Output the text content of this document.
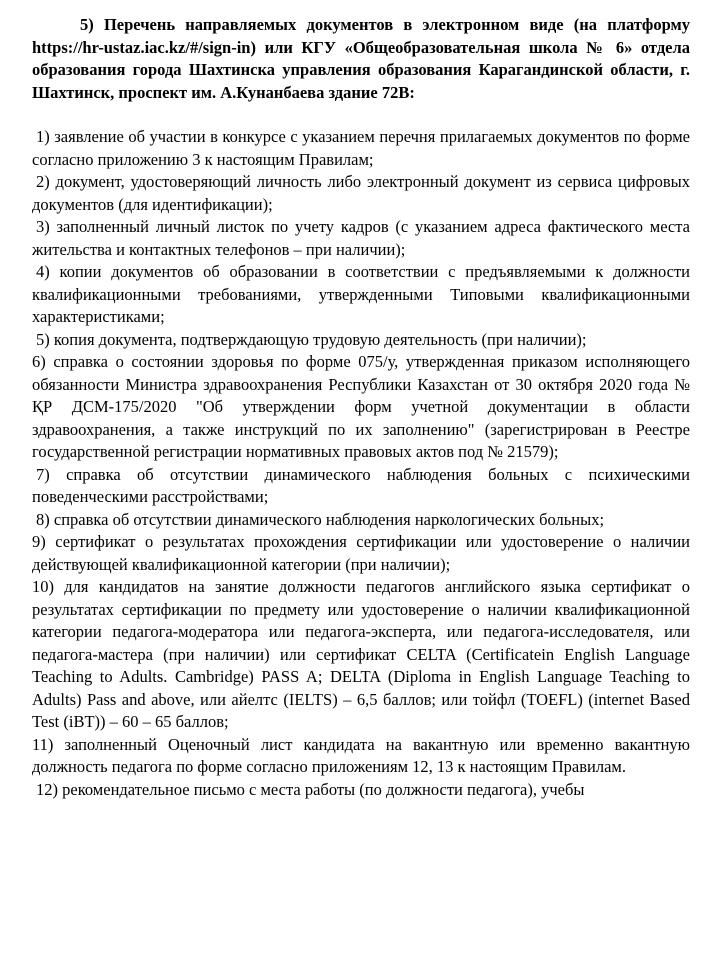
5) Перечень направляемых документов в электронном виде (на платформу https://hr-ustaz.iac.kz/#/sign-in) или КГУ «Общеобразовательная школа № 6» отдела образования города Шахтинска управления образования Карагандинской области, г. Шахтинск, проспект им. А.Кунанбаева здание 72В:

1) заявление об участии в конкурсе с указанием перечня прилагаемых документов по форме согласно приложению 3 к настоящим Правилам;

2) документ, удостоверяющий личность либо электронный документ из сервиса цифровых документов (для идентификации);

3) заполненный личный листок по учету кадров (с указанием адреса фактического места жительства и контактных телефонов – при наличии);

4) копии документов об образовании в соответствии с предъявляемыми к должности квалификационными требованиями, утвержденными Типовыми квалификационными характеристиками;

5) копия документа, подтверждающую трудовую деятельность (при наличии);

6) справка о состоянии здоровья по форме 075/у, утвержденная приказом исполняющего обязанности Министра здравоохранения Республики Казахстан от 30 октября 2020 года № ҚР ДСМ-175/2020 "Об утверждении форм учетной документации в области здравоохранения, а также инструкций по их заполнению" (зарегистрирован в Реестре государственной регистрации нормативных правовых актов под № 21579);

7) справка об отсутствии динамического наблюдения больных с психическими поведенческими расстройствами;

8) справка об отсутствии динамического наблюдения наркологических больных;

9) сертификат о результатах прохождения сертификации или удостоверение о наличии действующей квалификационной категории (при наличии);

10) для кандидатов на занятие должности педагогов английского языка сертификат о результатах сертификации по предмету или удостоверение о наличии квалификационной категории педагога-модератора или педагога-эксперта, или педагога-исследователя, или педагога-мастера (при наличии) или сертификат CELTA (Certificatein English Language Teaching to Adults. Cambridge) PASS A; DELTA (Diploma in English Language Teaching to Adults) Pass and above, или айелтс (IELTS) – 6,5 баллов; или тойфл (TOEFL) (internet Based Test (iBT)) – 60 – 65 баллов;

11) заполненный Оценочный лист кандидата на вакантную или временно вакантную должность педагога по форме согласно приложениям 12, 13 к настоящим Правилам.

12) рекомендательное письмо с места работы (по должности педагога), учебы
